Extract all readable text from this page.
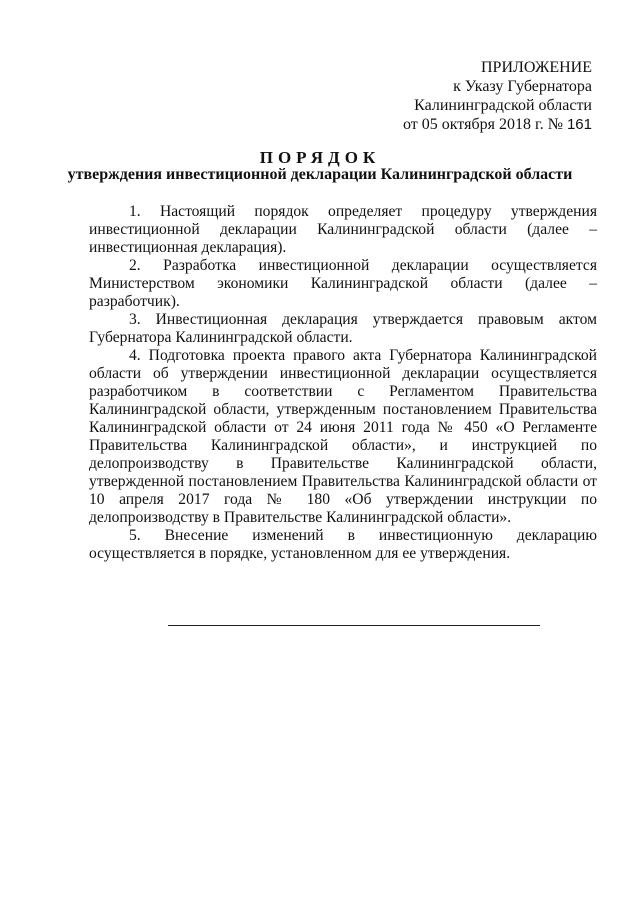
ПРИЛОЖЕНИЕ
к Указу Губернатора
Калининградской области
от 05 октября 2018 г. № 161
ПОРЯДОК
утверждения инвестиционной декларации Калининградской области

1. Настоящий порядок определяет процедуру утверждения инвестиционной декларации Калининградской области (далее – инвестиционная декларация).

2. Разработка инвестиционной декларации осуществляется Министерством экономики Калининградской области (далее – разработчик).

3. Инвестиционная декларация утверждается правовым актом Губернатора Калининградской области.

4. Подготовка проекта правого акта Губернатора Калининградской области об утверждении инвестиционной декларации осуществляется разработчиком в соответствии с Регламентом Правительства Калининградской области, утвержденным постановлением Правительства Калининградской области от 24 июня 2011 года № 450 «О Регламенте Правительства Калининградской области», и инструкцией по делопроизводству в Правительстве Калининградской области, утвержденной постановлением Правительства Калининградской области от 10 апреля 2017 года № 180 «Об утверждении инструкции по делопроизводству в Правительстве Калининградской области».

5. Внесение изменений в инвестиционную декларацию осуществляется в порядке, установленном для ее утверждения.
